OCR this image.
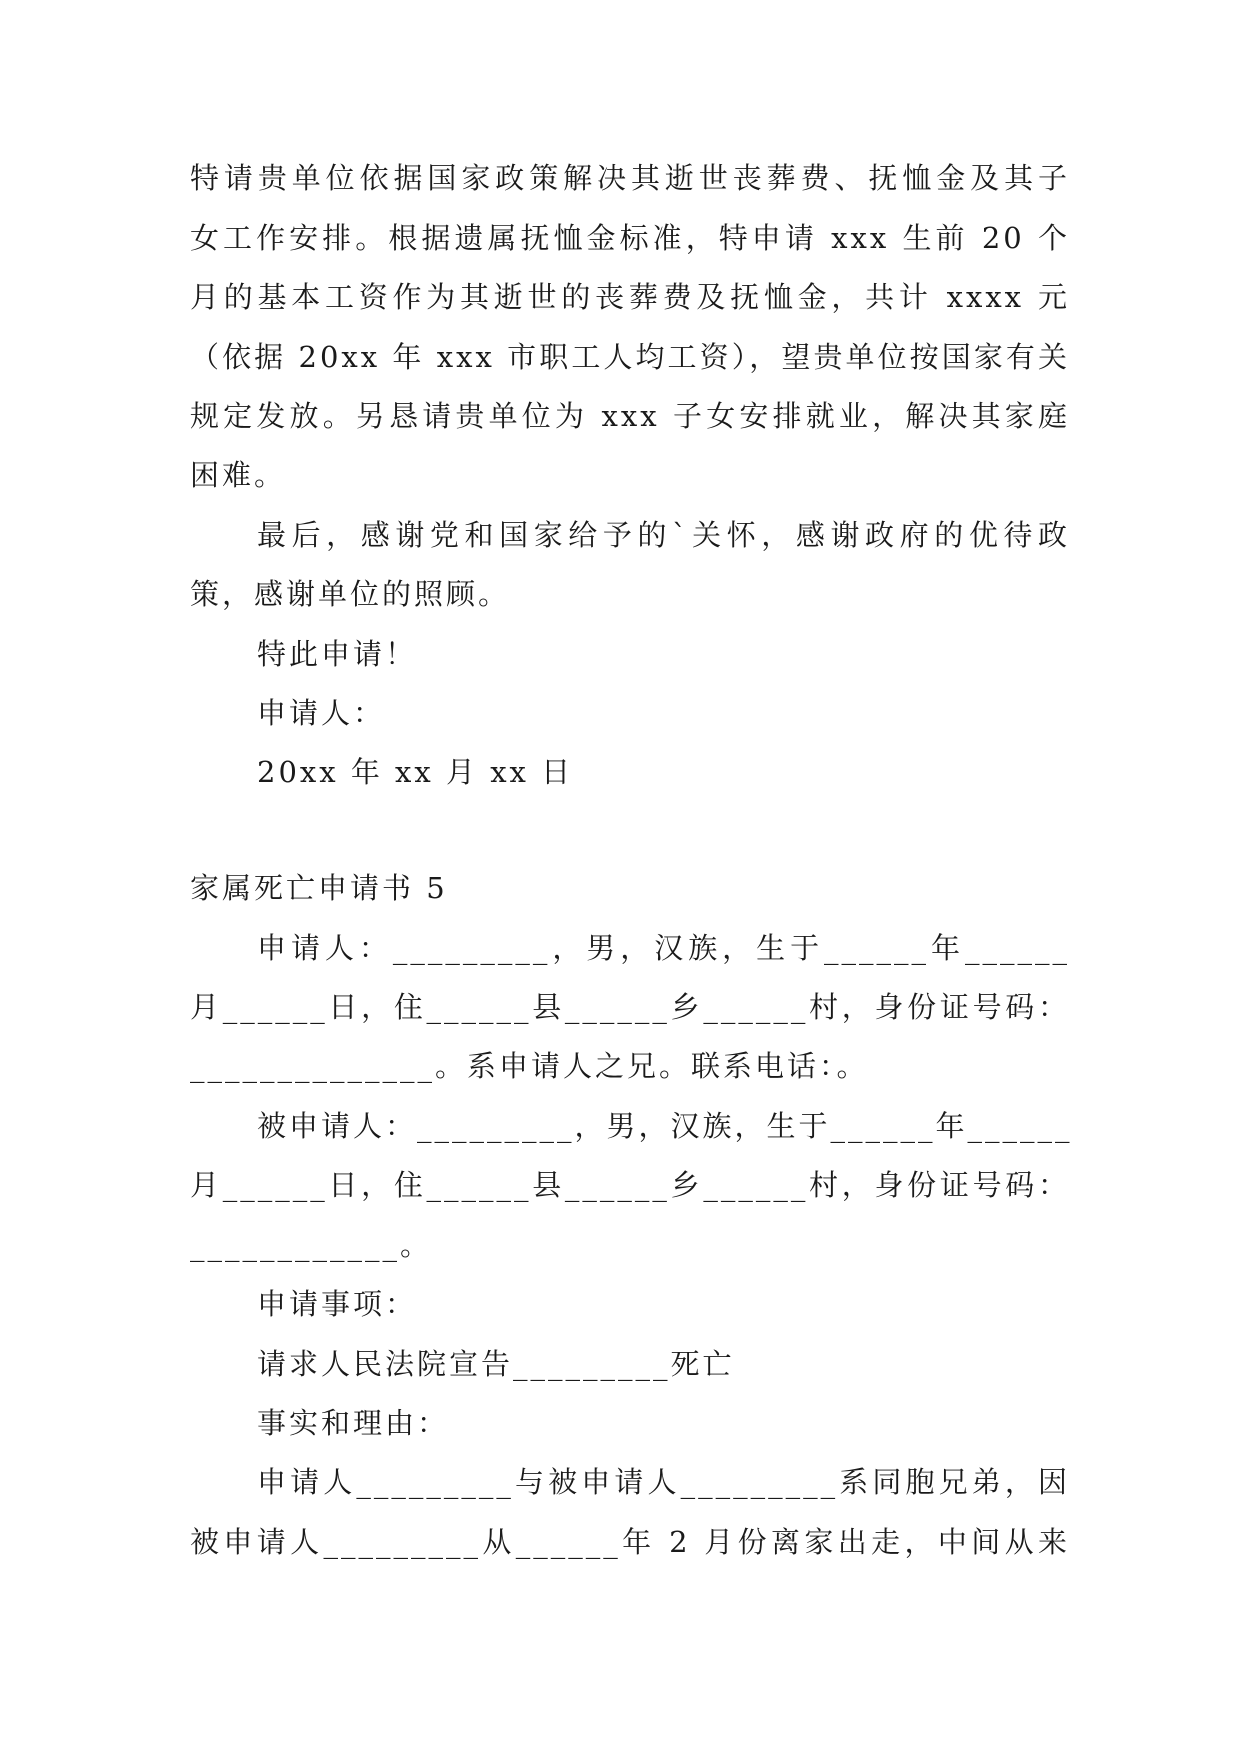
特请贵单位依据国家政策解决其逝世丧葬费、抚恤金及其子
女工作安排。根据遗属抚恤金标准，特申请 xxx 生前 20 个
月的基本工资作为其逝世的丧葬费及抚恤金，共计 xxxx 元
（依据 20xx 年 xxx 市职工人均工资），望贵单位按国家有关
规定发放。另恳请贵单位为 xxx 子女安排就业，解决其家庭
困难。
最后，感谢党和国家给予的`关怀，感谢政府的优待政
策，感谢单位的照顾。
特此申请！
申请人：
20xx 年 xx 月 xx 日
家属死亡申请书 5
申请人：_________，男，汉族，生于______年______
月______日，住______县______乡______村，身份证号码：
______________。系申请人之兄。联系电话：。
被申请人：_________，男，汉族，生于______年______
月______日，住______县______乡______村，身份证号码：
____________。
申请事项：
请求人民法院宣告_________死亡
事实和理由：
申请人_________与被申请人_________系同胞兄弟，因
被申请人_________从______年 2 月份离家出走，中间从来
